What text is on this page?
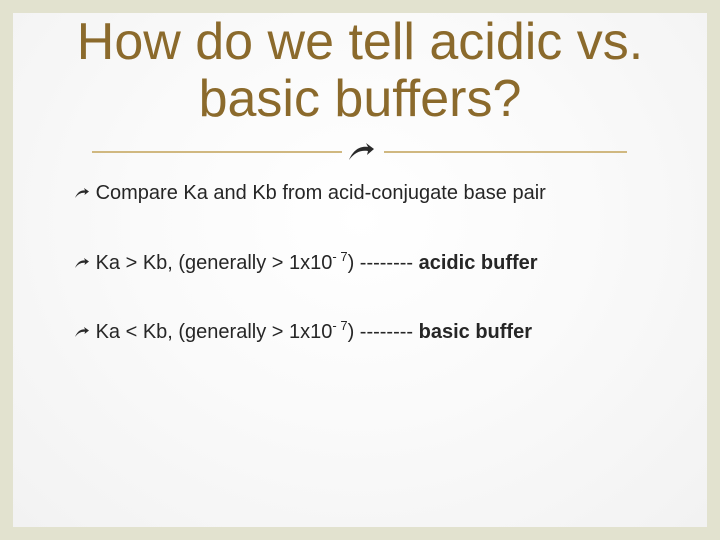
How do we tell acidic vs.
basic buffers?
Compare Ka and Kb from acid-conjugate base pair
Ka > Kb, (generally > $1x10^{- 7}$) -------- acidic buffer
Ka < Kb, (generally > $1x10^{- 7}$) -------- basic buffer
